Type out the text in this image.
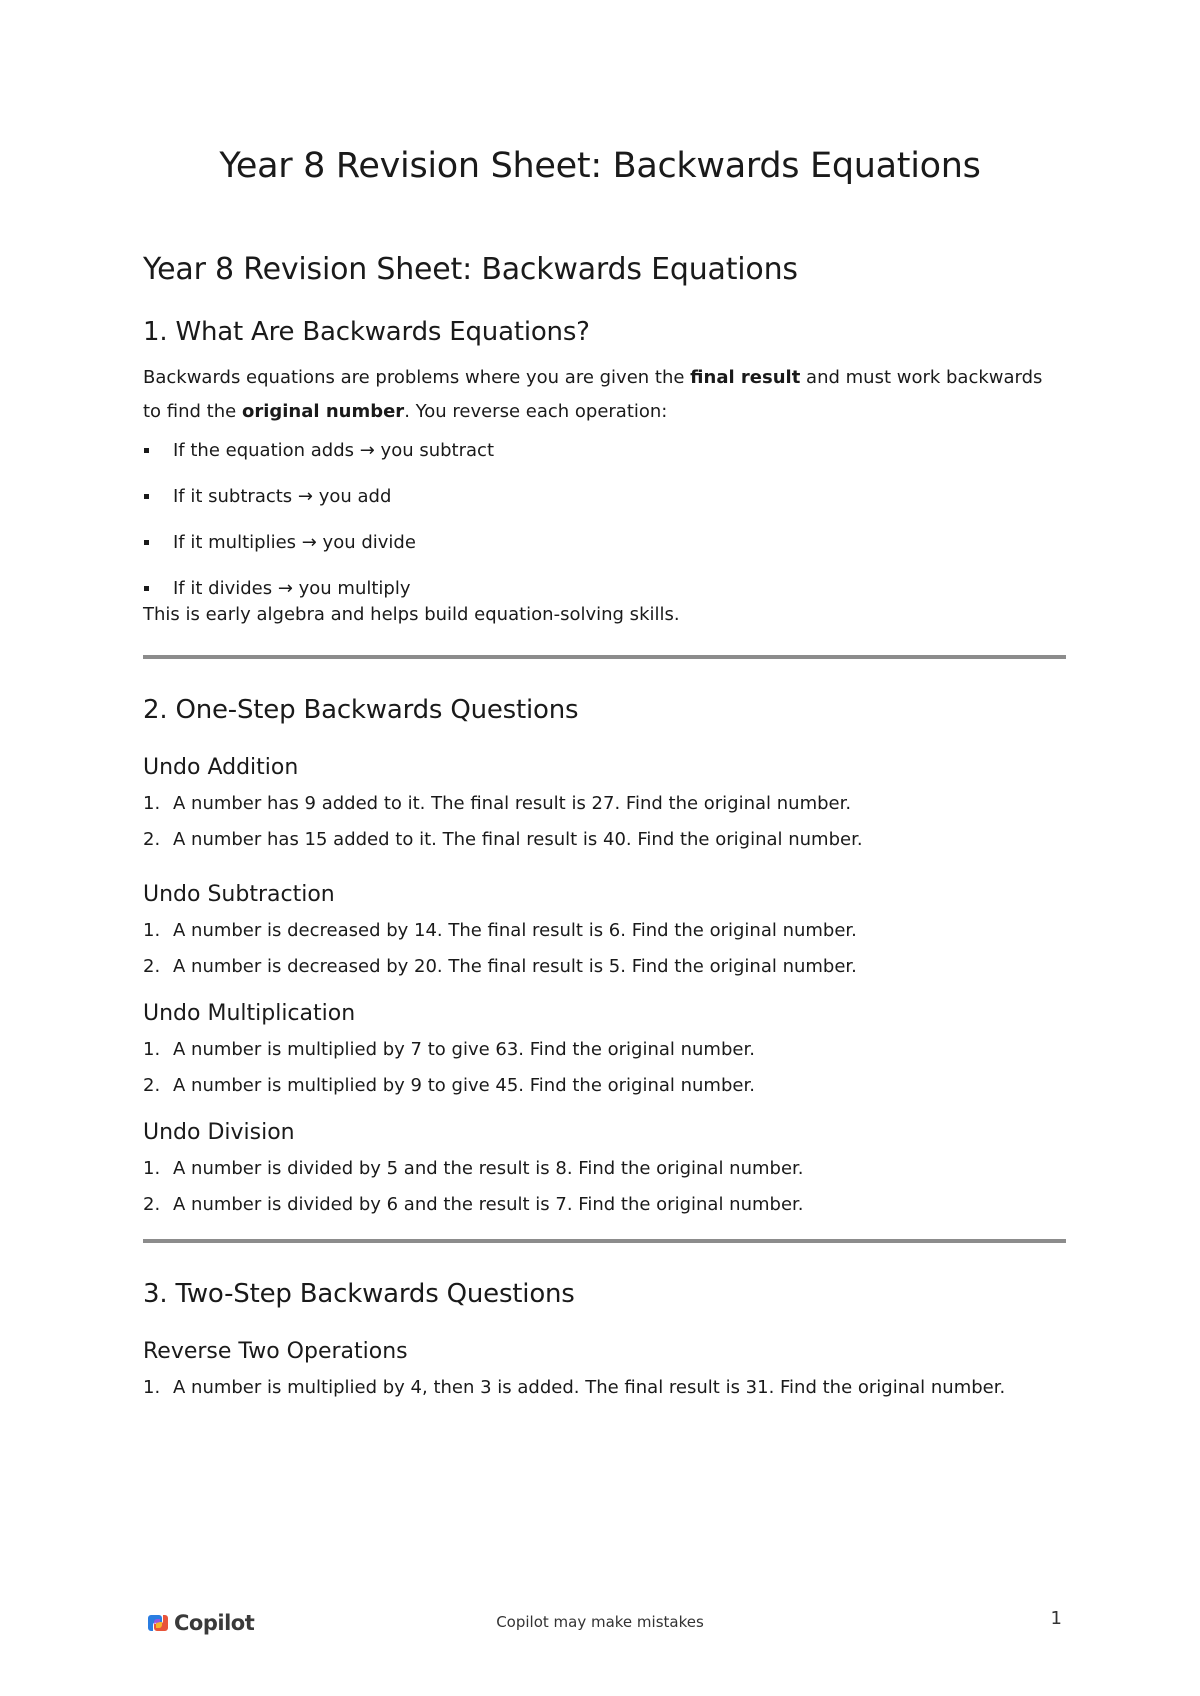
Year 8 Revision Sheet: Backwards Equations
Year 8 Revision Sheet: Backwards Equations
1. What Are Backwards Equations?

Backwards equations are problems where you are given the final result and must work backwards to find the original number. You reverse each operation:

If the equation adds → you subtract
If it subtracts → you add
If it multiplies → you divide
If it divides → you multiply

This is early algebra and helps build equation-solving skills.

2. One-Step Backwards Questions
Undo Addition
1. A number has 9 added to it. The final result is 27. Find the original number.
2. A number has 15 added to it. The final result is 40. Find the original number.
Undo Subtraction
1. A number is decreased by 14. The final result is 6. Find the original number.
2. A number is decreased by 20. The final result is 5. Find the original number.
Undo Multiplication
1. A number is multiplied by 7 to give 63. Find the original number.
2. A number is multiplied by 9 to give 45. Find the original number.
Undo Division
1. A number is divided by 5 and the result is 8. Find the original number.
2. A number is divided by 6 and the result is 7. Find the original number.
3. Two-Step Backwards Questions
Reverse Two Operations
1. A number is multiplied by 4, then 3 is added. The final result is 31. Find the original number.
Copilot	Copilot may make mistakes	1
